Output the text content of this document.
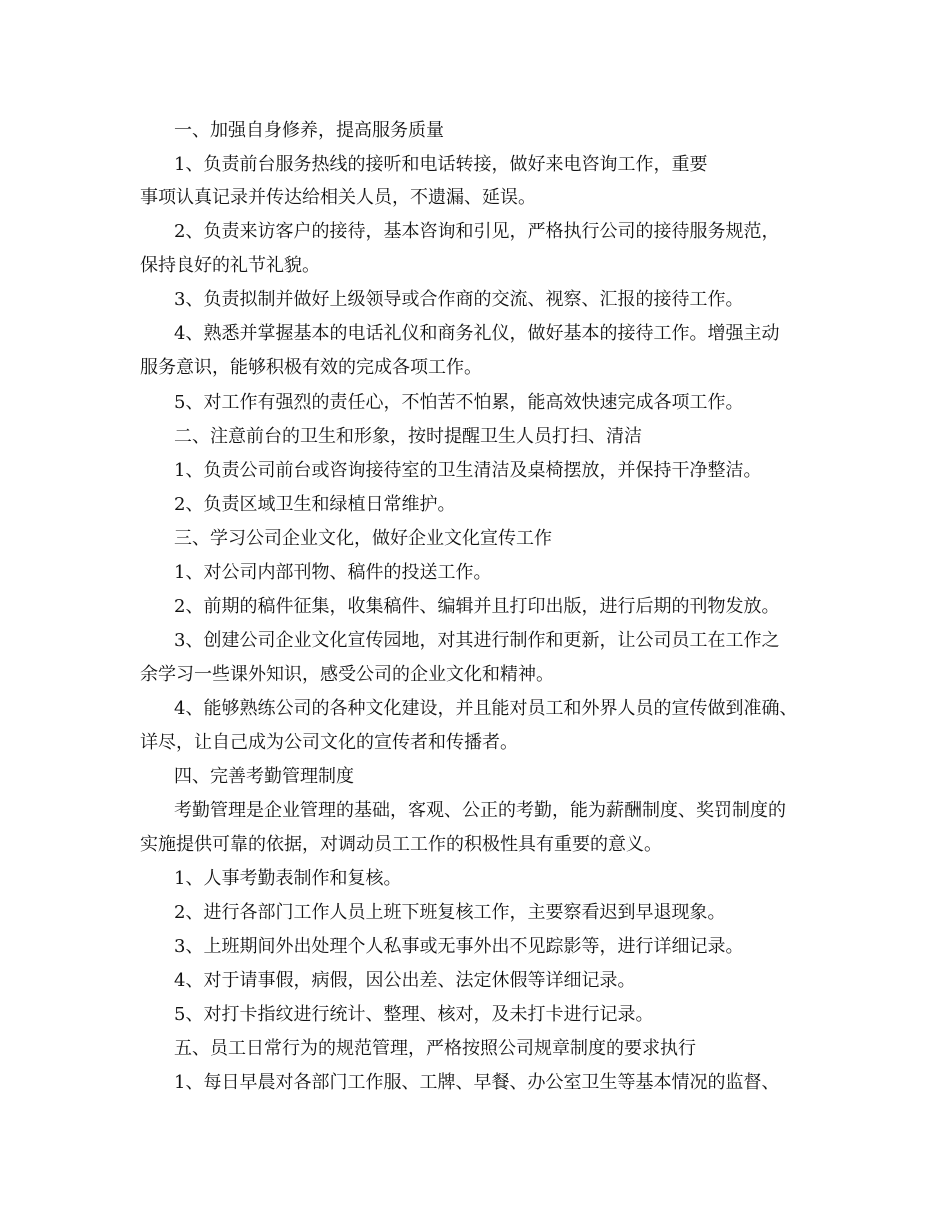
一、加强自身修养，提高服务质量

1、负责前台服务热线的接听和电话转接，做好来电咨询工作，重要

事项认真记录并传达给相关人员，不遗漏、延误。

2、负责来访客户的接待，基本咨询和引见，严格执行公司的接待服务规范，

保持良好的礼节礼貌。

3、负责拟制并做好上级领导或合作商的交流、视察、汇报的接待工作。

4、熟悉并掌握基本的电话礼仪和商务礼仪，做好基本的接待工作。增强主动

服务意识，能够积极有效的完成各项工作。

5、对工作有强烈的责任心，不怕苦不怕累，能高效快速完成各项工作。

二、注意前台的卫生和形象，按时提醒卫生人员打扫、清洁

1、负责公司前台或咨询接待室的卫生清洁及桌椅摆放，并保持干净整洁。

2、负责区域卫生和绿植日常维护。

三、学习公司企业文化，做好企业文化宣传工作

1、对公司内部刊物、稿件的投送工作。

2、前期的稿件征集，收集稿件、编辑并且打印出版，进行后期的刊物发放。

3、创建公司企业文化宣传园地，对其进行制作和更新，让公司员工在工作之

余学习一些课外知识，感受公司的企业文化和精神。

4、能够熟练公司的各种文化建设，并且能对员工和外界人员的宣传做到准确、

详尽，让自己成为公司文化的宣传者和传播者。

四、完善考勤管理制度

考勤管理是企业管理的基础，客观、公正的考勤，能为薪酬制度、奖罚制度的

实施提供可靠的依据，对调动员工工作的积极性具有重要的意义。

1、人事考勤表制作和复核。

2、进行各部门工作人员上班下班复核工作，主要察看迟到早退现象。

3、上班期间外出处理个人私事或无事外出不见踪影等，进行详细记录。

4、对于请事假，病假，因公出差、法定休假等详细记录。

5、对打卡指纹进行统计、整理、核对，及未打卡进行记录。

五、员工日常行为的规范管理，严格按照公司规章制度的要求执行

1、每日早晨对各部门工作服、工牌、早餐、办公室卫生等基本情况的监督、
